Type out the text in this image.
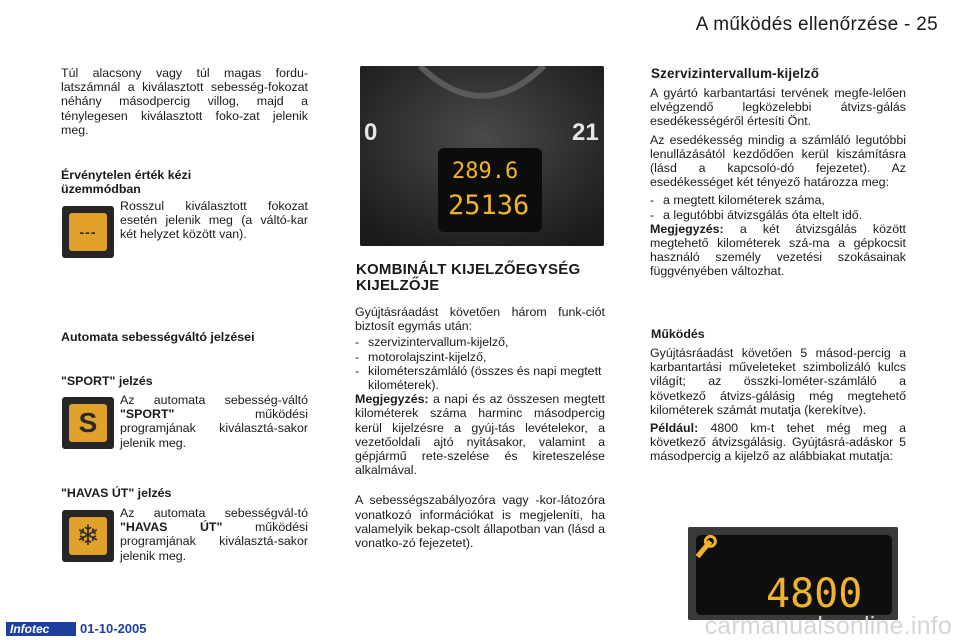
A működés ellenőrzése - 25

Túl alacsony vagy túl magas fordu-latszámnál a kiválasztott sebesség-fokozat néhány másodpercig villog, majd a ténylegesen kiválasztott foko-zat jelenik meg.

Érvénytelen érték kézi üzemmódban
---

Rosszul kiválasztott fokozat esetén jelenik meg (a váltó-kar két helyzet között van).

Automata sebességváltó jelzései
"SPORT" jelzés
S

Az automata sebesség-váltó "SPORT" működési programjának kiválasztá-sakor jelenik meg.

"HAVAS ÚT" jelzés
❄

Az automata sebességvál-tó "HAVAS ÚT" működési programjának kiválasztá-sakor jelenik meg.

0	21
289.6
25136
KOMBINÁLT KIJELZŐEGYSÉG KIJELZŐJE

Gyújtásráadást követően három funk-ciót biztosít egymás után:

- szervizintervallum-kijelző,
- motorolajszint-kijelző,
- kilométerszámláló (összes és napi megtett kilométerek).

Megjegyzés: a napi és az összesen megtett kilométerek száma harminc másodpercig kerül kijelzésre a gyúj-tás levételekor, a vezetőoldali ajtó nyitásakor, valamint a gépjármű rete-szelése és kireteszelése alkalmával.

A sebességszabályozóra vagy -kor-látozóra vonatkozó információkat is megjeleníti, ha valamelyik bekap-csolt állapotban van (lásd a vonatko-zó fejezetet).

Szervizintervallum-kijelző

A gyártó karbantartási tervének megfe-lelően elvégzendő legközelebbi átvizs-gálás esedékességéről értesíti Önt.

Az esedékesség mindig a számláló legutóbbi lenullázásától kezdődően kerül kiszámításra (lásd a kapcsoló-dó fejezetet). Az esedékességet két tényező határozza meg:

- a megtett kilométerek száma,
- a legutóbbi átvizsgálás óta eltelt idő.

Megjegyzés: a két átvizsgálás között megtehető kilométerek szá-ma a gépkocsit használó személy vezetési szokásainak függvényében változhat.

Működés

Gyújtásráadást követően 5 másod-percig a karbantartási műveleteket szimbolizáló kulcs világít; az összki-lométer-számláló a következő átvizs-gálásig még megtehető kilométerek számát mutatja (kerekítve).

Például: 4800 km-t tehet még meg a következő átvizsgálásig. Gyújtásrá-adáskor 5 másodpercig a kijelző az alábbiakat mutatja:

4800
Infotec	01-10-2005	carmanualsonline.info
